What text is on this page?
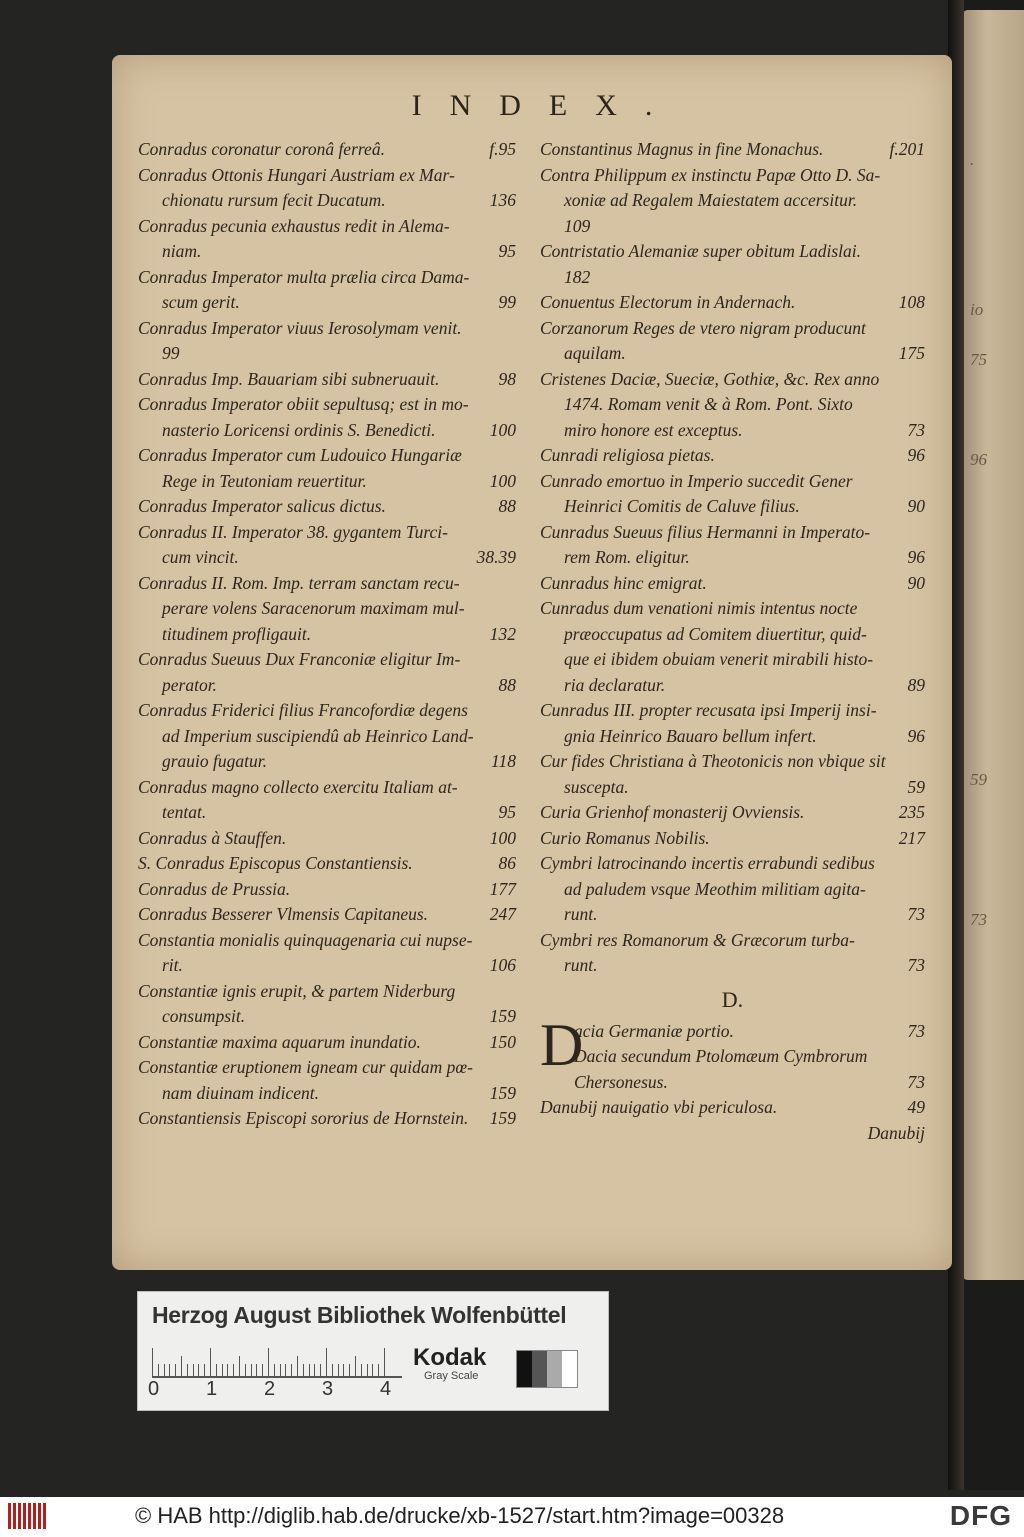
.
io
75
96
59
73
INDEX.
Conradus coronatur coronâ ferreâ.	f.95
Conradus Ottonis Hungari Austriam ex Mar-
chionatu rursum fecit Ducatum.	136
Conradus pecunia exhaustus redit in Alema-
niam.	95
Conradus Imperator multa prælia circa Dama-
scum gerit.	99
Conradus Imperator viuus Ierosolymam venit.
99
Conradus Imp. Bauariam sibi subneruauit.	98
Conradus Imperator obiit sepultusq; est in mo-
nasterio Loricensi ordinis S. Benedicti.	100
Conradus Imperator cum Ludouico Hungariæ
Rege in Teutoniam reuertitur.	100
Conradus Imperator salicus dictus.	88
Conradus II. Imperator 38. gygantem Turci-
cum vincit.	38.39
Conradus II. Rom. Imp. terram sanctam recu-
perare volens Saracenorum maximam mul-
titudinem profligauit.	132
Conradus Sueuus Dux Franconiæ eligitur Im-
perator.	88
Conradus Friderici filius Francofordiæ degens
ad Imperium suscipiendû ab Heinrico Land-
grauio fugatur.	118
Conradus magno collecto exercitu Italiam at-
tentat.	95
Conradus à Stauffen.	100
S. Conradus Episcopus Constantiensis.	86
Conradus de Prussia.	177
Conradus Besserer Vlmensis Capitaneus.	247
Constantia monialis quinquagenaria cui nupse-
rit.	106
Constantiæ ignis erupit, & partem Niderburg
consumpsit.	159
Constantiæ maxima aquarum inundatio.	150
Constantiæ eruptionem igneam cur quidam pœ-
nam diuinam indicent.	159
Constantiensis Episcopi sororius de Hornstein. 159
Constantinus Magnus in fine Monachus.	f.201
Contra Philippum ex instinctu Papæ Otto D. Sa-
xoniæ ad Regalem Maiestatem accersitur.
109
Contristatio Alemaniæ super obitum Ladislai.
182
Conuentus Electorum in Andernach.	108
Corzanorum Reges de vtero nigram producunt
aquilam.	175
Cristenes Daciæ, Sueciæ, Gothiæ, &c. Rex anno
1474. Romam venit & à Rom. Pont. Sixto
miro honore est exceptus.	73
Cunradi religiosa pietas.	96
Cunrado emortuo in Imperio succedit Gener
Heinrici Comitis de Caluve filius.	90
Cunradus Sueuus filius Hermanni in Imperato-
rem Rom. eligitur.	96
Cunradus hinc emigrat.	90
Cunradus dum venationi nimis intentus nocte
præoccupatus ad Comitem diuertitur, quid-
que ei ibidem obuiam venerit mirabili histo-
ria declaratur.	89
Cunradus III. propter recusata ipsi Imperij insi-
gnia Heinrico Bauaro bellum infert.	96
Cur fides Christiana à Theotonicis non vbique sit
suscepta.	59
Curia Grienhof monasterij Ovviensis.	235
Curio Romanus Nobilis.	217
Cymbri latrocinando incertis errabundi sedibus
ad paludem vsque Meothim militiam agita-
runt.	73
Cymbri res Romanorum & Græcorum turba-
runt.	73
D.
D
acia Germaniæ portio.	73
Dacia secundum Ptolomæum Cymbrorum
Chersonesus.	73
Danubij nauigatio vbi periculosa.	49
Danubij
Herzog August Bibliothek Wolfenbüttel
0 1 2 3 4
Kodak
Gray Scale
© HAB http://diglib.hab.de/drucke/xb-1527/start.htm?image=00328	DFG
